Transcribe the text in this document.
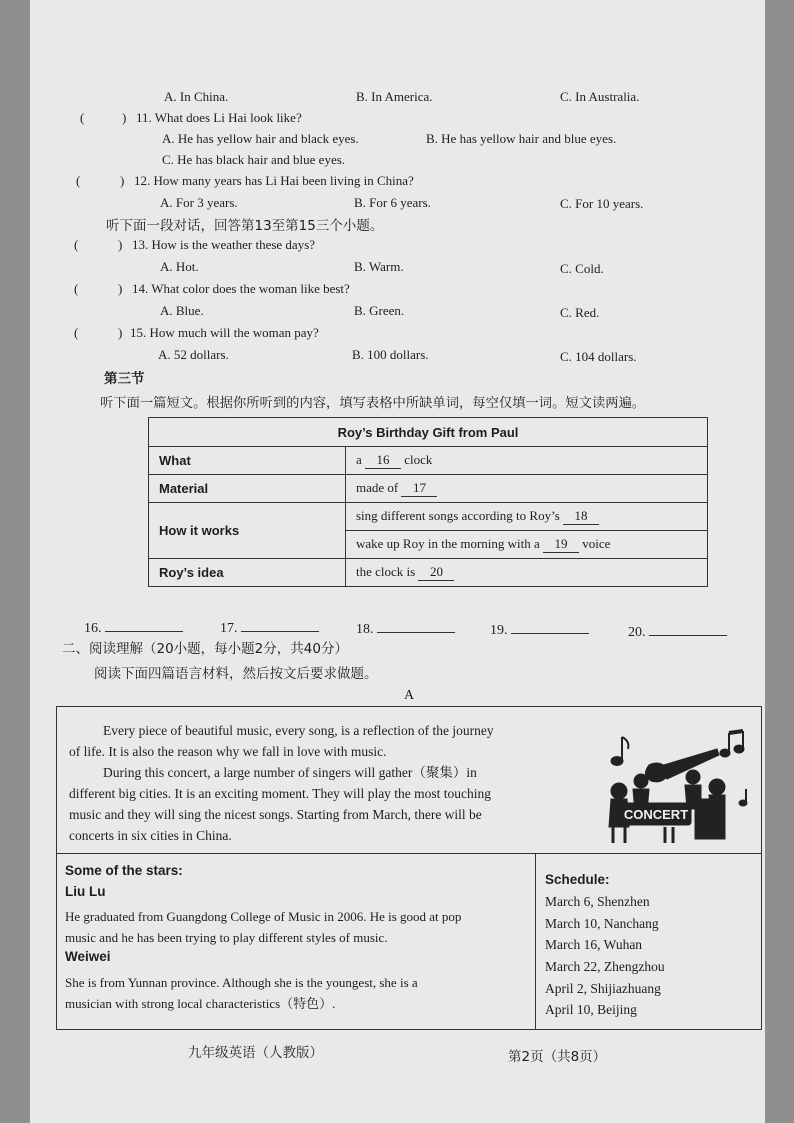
A. In China.	B. In America.	C. In Australia.
(	) 11. What does Li Hai look like?
A. He has yellow hair and black eyes.	B. He has yellow hair and blue eyes.
C. He has black hair and blue eyes.
(	) 12. How many years has Li Hai been living in China?
A. For 3 years.	B. For 6 years.	C. For 10 years.
听下面一段对话，回答第13至第15三个小题。
(	) 13. How is the weather these days?
A. Hot.	B. Warm.	C. Cold.
(	) 14. What color does the woman like best?
A. Blue.	B. Green.	C. Red.
(	) 15. How much will the woman pay?
A. 52 dollars.	B. 100 dollars.	C. 104 dollars.
第三节
听下面一篇短文。根据你所听到的内容，填写表格中所缺单词，每空仅填一词。短文读两遍。
Roy’s Birthday Gift from Paul	
What	a 16 clock
Material	made of 17
How it works	sing different songs according to Roy’s 18
	wake up Roy in the morning with a 19 voice
Roy’s idea	the clock is 20
16.	17.	18.	19.	20.
二、阅读理解（20小题，每小题2分，共40分）
阅读下面四篇语言材料，然后按文后要求做题。
A
Every piece of beautiful music, every song, is a reflection of the journey
of life. It is also the reason why we fall in love with music.
During this concert, a large number of singers will gather（聚集）in
different big cities. It is an exciting moment. They will play the most touching
music and they will sing the nicest songs. Starting from March, there will be
concerts in six cities in China.
CONCERT
Some of the stars:
Liu Lu
He graduated from Guangdong College of Music in 2006. He is good at pop
music and he has been trying to play different styles of music.
Weiwei
She is from Yunnan province. Although she is the youngest, she is a
musician with strong local characteristics（特色）.
Schedule:
March 6, Shenzhen
March 10, Nanchang
March 16, Wuhan
March 22, Zhengzhou
April 2, Shijiazhuang
April 10, Beijing
九年级英语（人教版）	第2页（共8页）
